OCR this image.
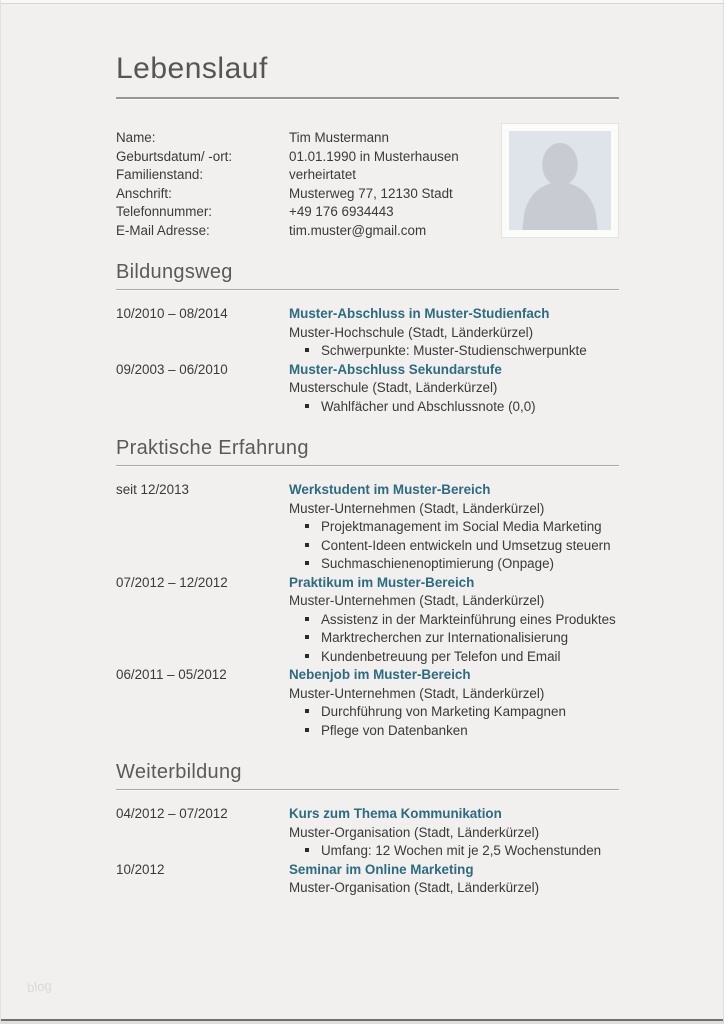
Lebenslauf
Name:	Tim Mustermann
Geburtsdatum/ -ort:	01.01.1990 in Musterhausen
Familienstand:	verheirtatet
Anschrift:	Musterweg 77, 12130 Stadt
Telefonnummer:	+49 176 6934443
E-Mail Adresse:	tim.muster@gmail.com
Bildungsweg
10/2010 – 08/2014	Muster-Abschluss in Muster-Studienfach
Muster-Hochschule (Stadt, Länderkürzel)
Schwerpunkte: Muster-Studienschwerpunkte
09/2003 – 06/2010	Muster-Abschluss Sekundarstufe
Musterschule (Stadt, Länderkürzel)
Wahlfächer und Abschlussnote (0,0)
Praktische Erfahrung
seit 12/2013	Werkstudent im Muster-Bereich
Muster-Unternehmen (Stadt, Länderkürzel)
Projektmanagement im Social Media Marketing
Content-Ideen entwickeln und Umsetzug steuern
Suchmaschienenoptimierung (Onpage)
07/2012 – 12/2012	Praktikum im Muster-Bereich
Muster-Unternehmen (Stadt, Länderkürzel)
Assistenz in der Markteinführung eines Produktes
Marktrecherchen zur Internationalisierung
Kundenbetreuung per Telefon und Email
06/2011 – 05/2012	Nebenjob im Muster-Bereich
Muster-Unternehmen (Stadt, Länderkürzel)
Durchführung von Marketing Kampagnen
Pflege von Datenbanken
Weiterbildung
04/2012 – 07/2012	Kurs zum Thema Kommunikation
Muster-Organisation (Stadt, Länderkürzel)
Umfang: 12 Wochen mit je 2,5 Wochenstunden
10/2012	Seminar im Online Marketing
Muster-Organisation (Stadt, Länderkürzel)
blog
